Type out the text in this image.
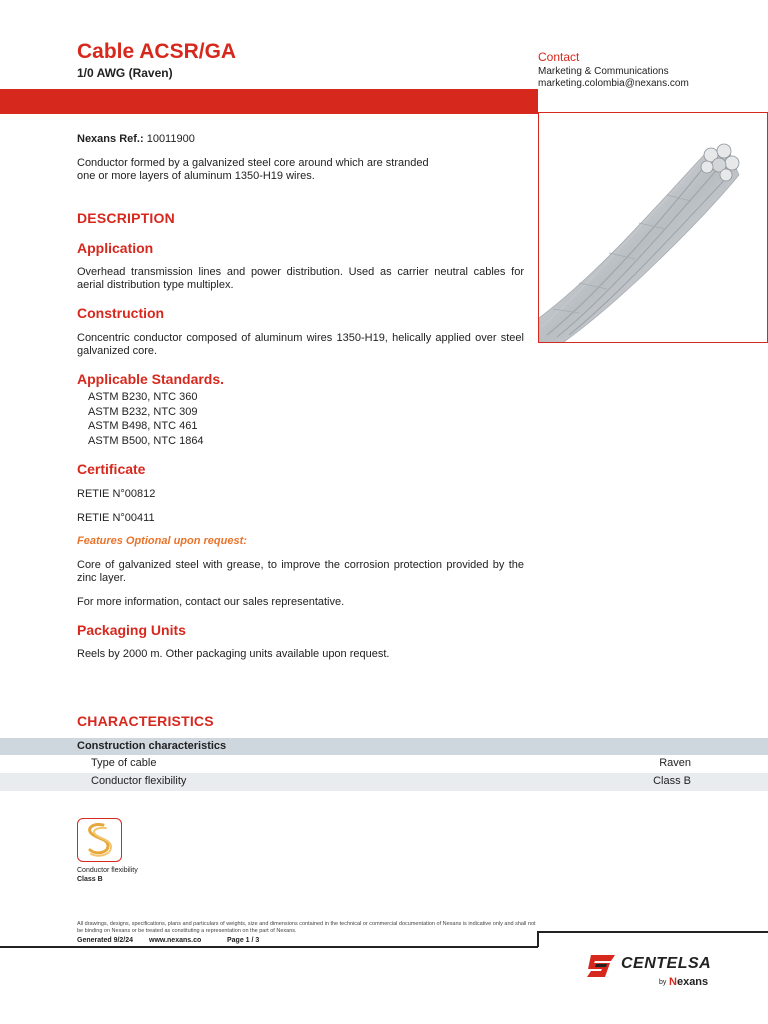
Cable ACSR/GA
1/0 AWG (Raven)
Contact
Marketing & Communications
marketing.colombia@nexans.com
Nexans Ref.: 10011900
Conductor formed by a galvanized steel core around which are stranded
one or more layers of aluminum 1350-H19 wires.
DESCRIPTION
Application
Overhead transmission lines and power distribution. Used as carrier neutral cables for aerial distribution type multiplex.
Construction
Concentric conductor composed of aluminum wires 1350-H19, helically applied over steel galvanized core.
Applicable Standards.
ASTM B230, NTC 360
ASTM B232, NTC 309
ASTM B498, NTC 461
ASTM B500, NTC 1864
Certificate
RETIE N°00812
RETIE N°00411
Features Optional upon request:
Core of galvanized steel with grease, to improve the corrosion protection provided by the zinc layer.
For more information, contact our sales representative.
Packaging Units
Reels by 2000 m. Other packaging units available upon request.
CHARACTERISTICS
Construction characteristics
Type of cable	Raven
Conductor flexibility	Class B
Conductor flexibility
Class B
All drawings, designs, specifications, plans and particulars of weights, size and dimensions contained in the technical or commercial documentation of Nexans is indicative only and shall not be binding on Nexans or be treated as constituting a representation on the part of Nexans.
Generated 9/2/24 www.nexans.co	Page 1 / 3
CENTELSA
by Nexans
